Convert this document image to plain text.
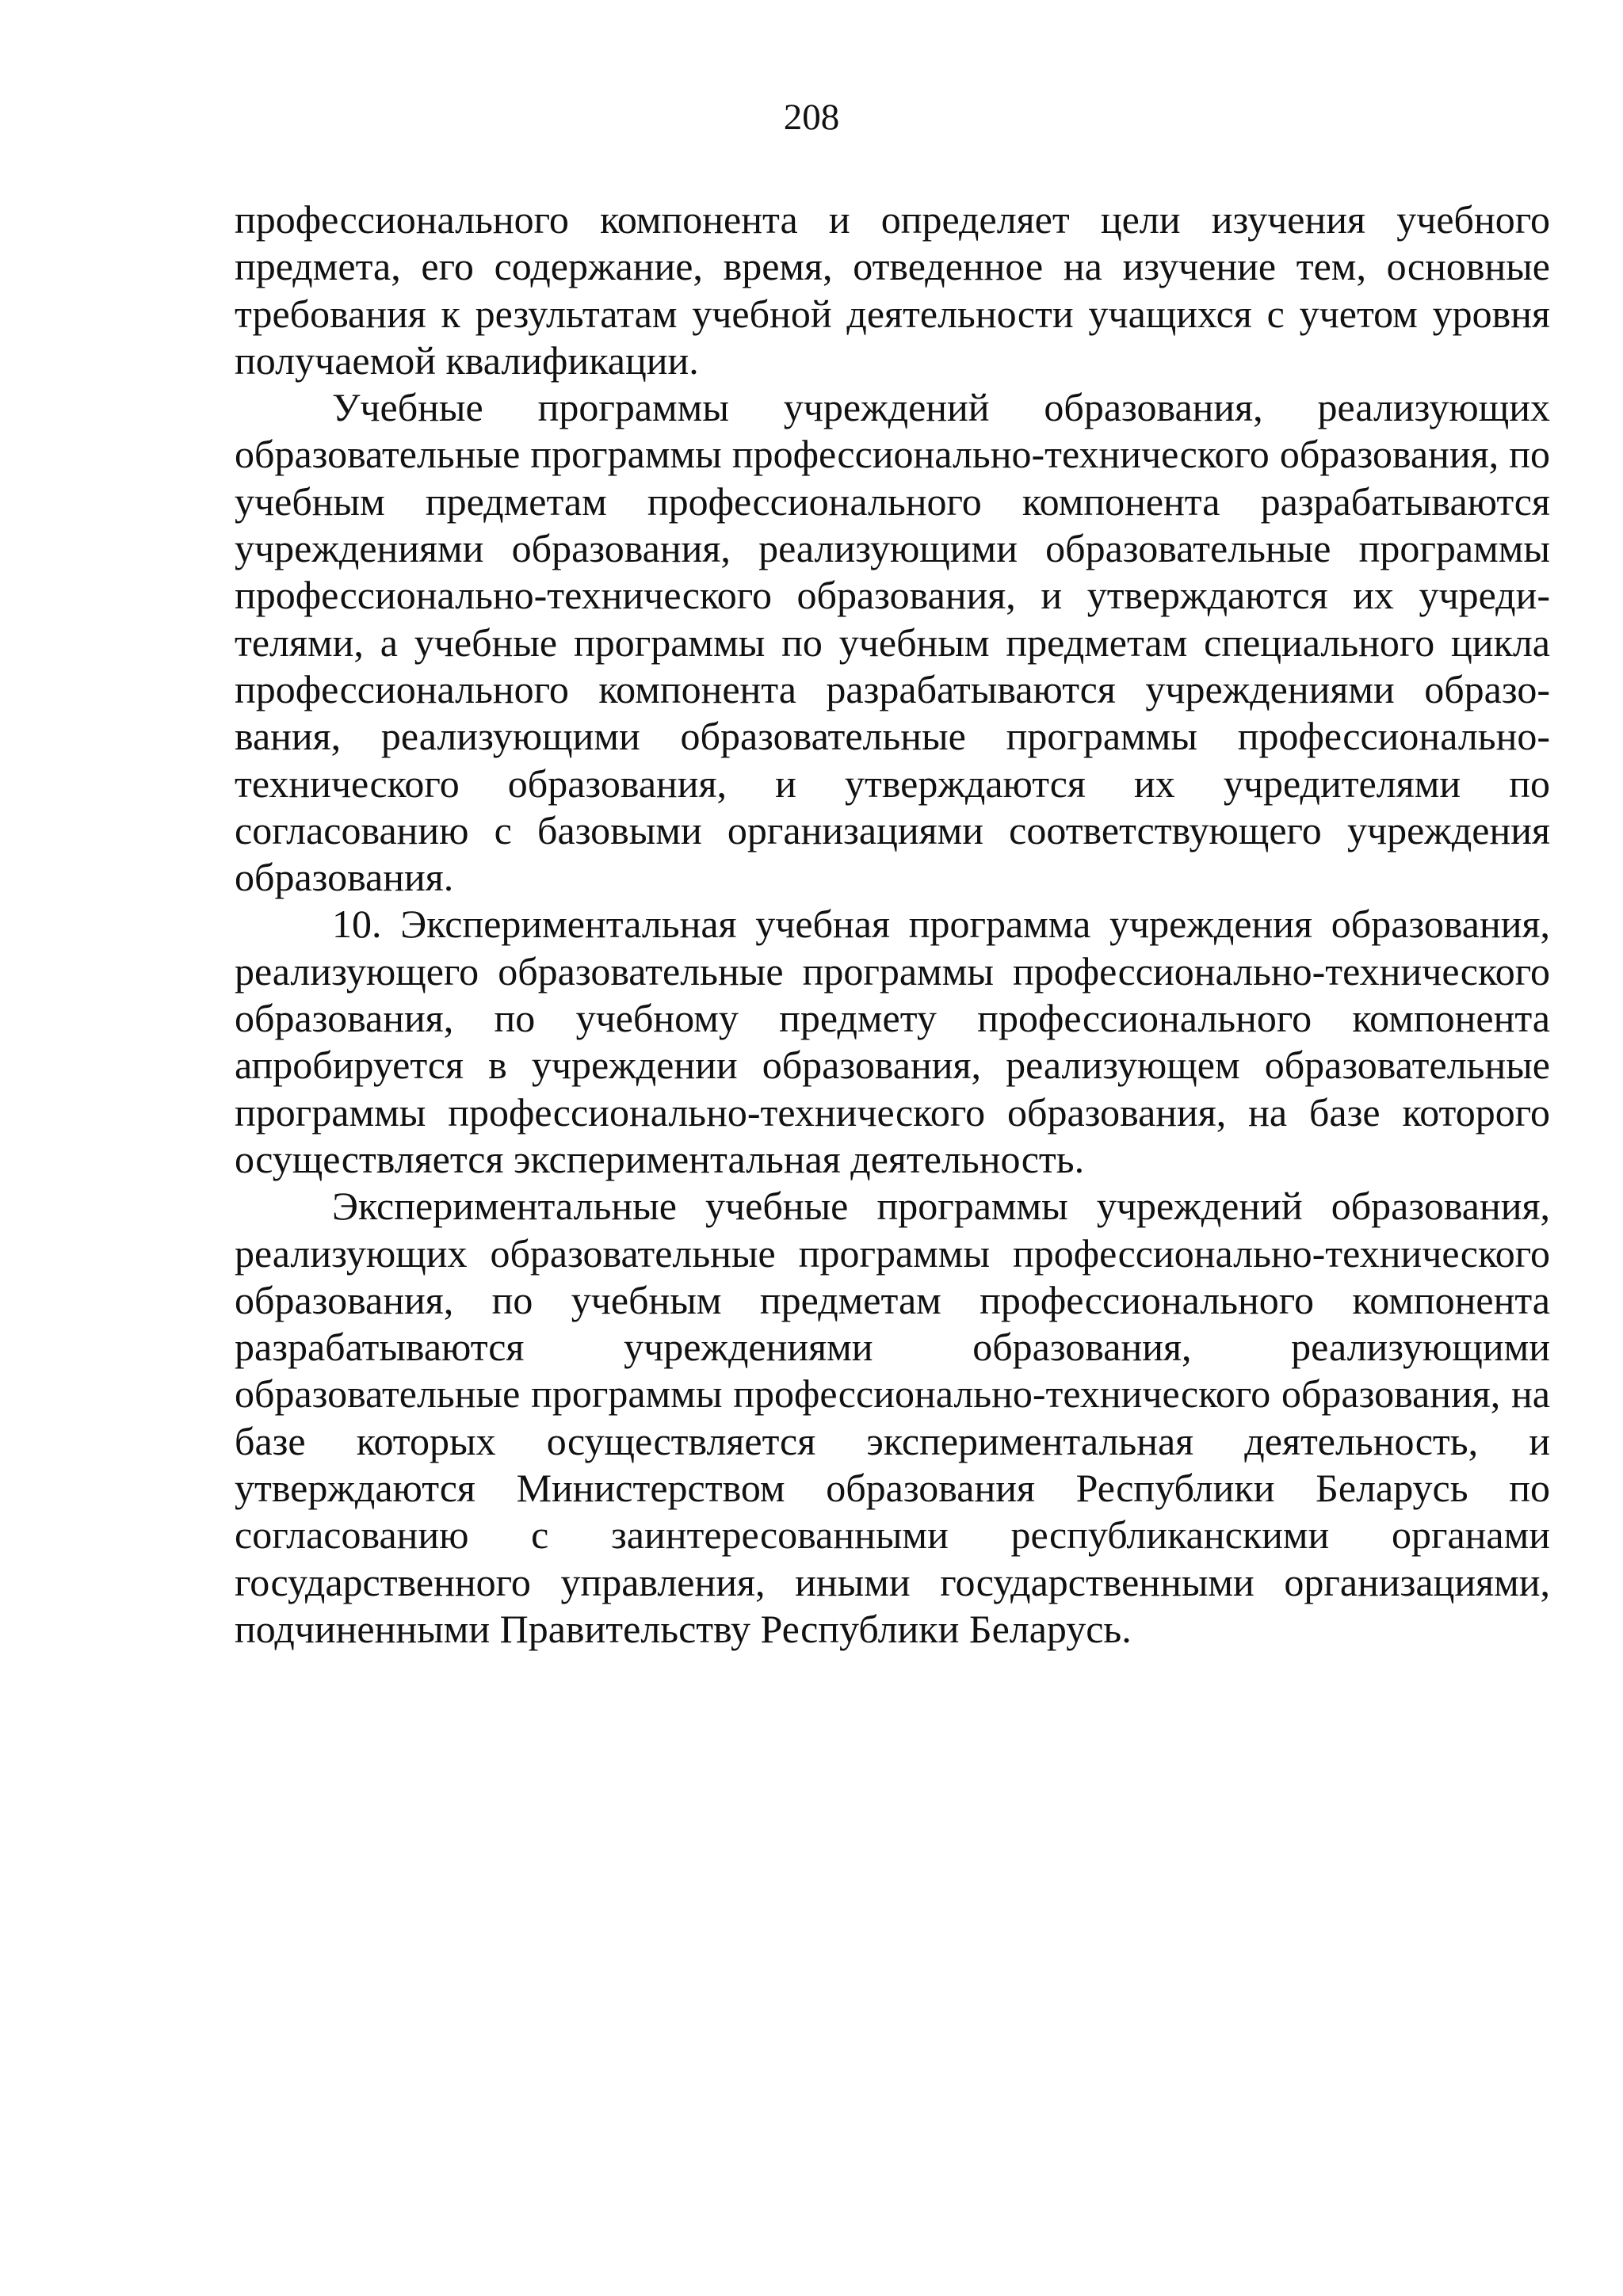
208

профессионального компонента и определяет цели изучения учебного предмета, его содержание, время, отведенное на изучение тем, основные требования к результатам учебной деятельности учащихся с учетом уровня получаемой квалификации.

Учебные программы учреждений образования, реализующих образовательные программы профессионально-технического образования, по учебным предметам профессионального компонента разрабатываются учреждениями образования, реализующими образовательные программы профессионально-технического образования, и утверждаются их учредителями, а учебные программы по учебным предметам специального цикла профессионального компонента разрабатываются учреждениями образования, реализующими образовательные программы профессионально-технического образования, и утверждаются их учредителями по согласованию с базовыми организациями соответствующего учреждения образования.

10. Экспериментальная учебная программа учреждения образования, реализующего образовательные программы профессионально-технического образования, по учебному предмету профессионального компонента апробируется в учреждении образования, реализующем образовательные программы профессионально-технического образования, на базе которого осуществляется экспериментальная деятельность.

Экспериментальные учебные программы учреждений образования, реализующих образовательные программы профессионально-технического образования, по учебным предметам профессионального компонента разрабатываются учреждениями образования, реализующими образовательные программы профессионально-технического образования, на базе которых осуществляется экспериментальная деятельность, и утверждаются Министерством образования Республики Беларусь по согласованию с заинтересованными республиканскими органами государственного управления, иными государственными организациями, подчиненными Правительству Республики Беларусь.
